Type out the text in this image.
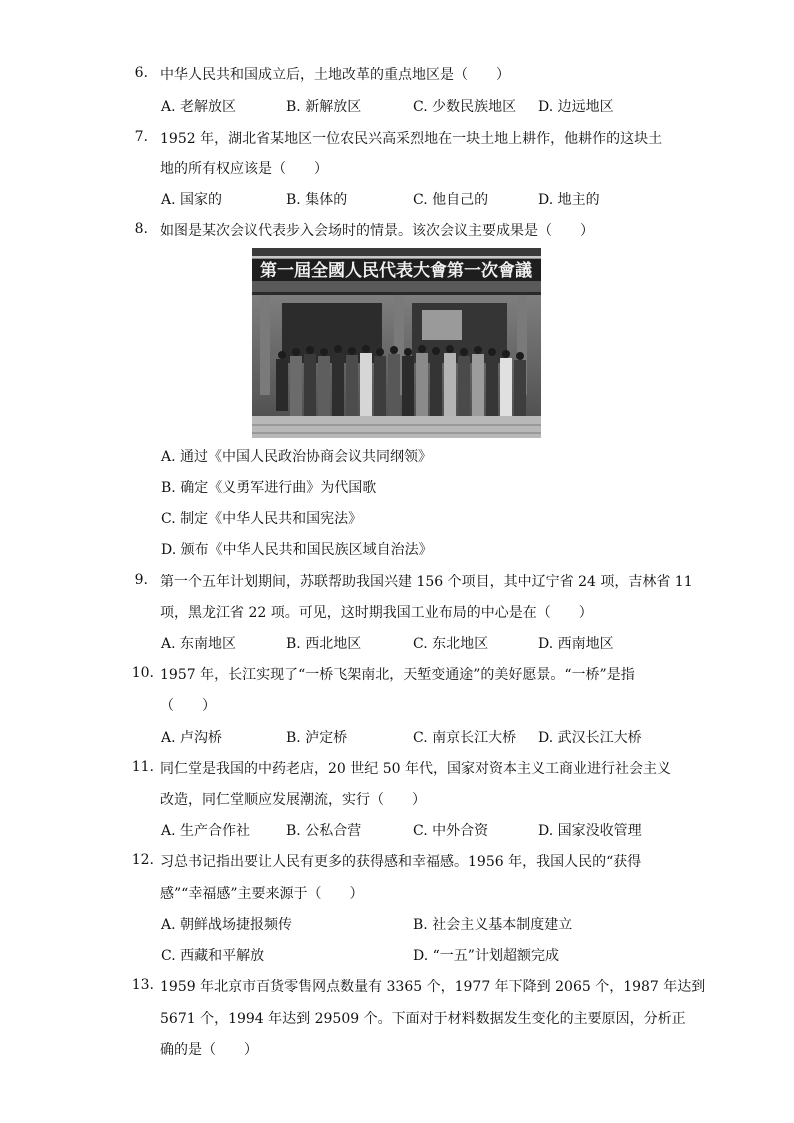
6. 中华人民共和国成立后，土地改革的重点地区是（　　）
A. 老解放区	B. 新解放区	C. 少数民族地区 D. 边远地区
7. 1952 年，湖北省某地区一位农民兴高采烈地在一块土地上耕作，他耕作的这块土
地的所有权应该是（　　）
A. 国家的	B. 集体的	C. 他自己的	D. 地主的
8. 如图是某次会议代表步入会场时的情景。该次会议主要成果是（　　）
第一屆全國人民代表大會第一次會議
A. 通过《中国人民政治协商会议共同纲领》
B. 确定《义勇军进行曲》为代国歌
C. 制定《中华人民共和国宪法》
D. 颁布《中华人民共和国民族区域自治法》
9. 第一个五年计划期间，苏联帮助我国兴建 156 个项目，其中辽宁省 24 项，吉林省 11
项，黑龙江省 22 项。可见，这时期我国工业布局的中心是在（　　）
A. 东南地区	B. 西北地区	C. 东北地区	D. 西南地区
10. 1957 年，长江实现了“一桥飞架南北，天堑变通途”的美好愿景。“一桥”是指
（　　）
A. 卢沟桥	B. 泸定桥	C. 南京长江大桥 D. 武汉长江大桥
11. 同仁堂是我国的中药老店，20 世纪 50 年代，国家对资本主义工商业进行社会主义
改造，同仁堂顺应发展潮流，实行（　　）
A. 生产合作社	B. 公私合营	C. 中外合资	D. 国家没收管理
12. 习总书记指出要让人民有更多的获得感和幸福感。1956 年，我国人民的“获得
感”“幸福感”主要来源于（　　）
A. 朝鲜战场捷报频传	B. 社会主义基本制度建立
C. 西藏和平解放	D. “一五”计划超额完成
13. 1959 年北京市百货零售网点数量有 3365 个，1977 年下降到 2065 个，1987 年达到
5671 个，1994 年达到 29509 个。下面对于材料数据发生变化的主要原因，分析正
确的是（　　）
